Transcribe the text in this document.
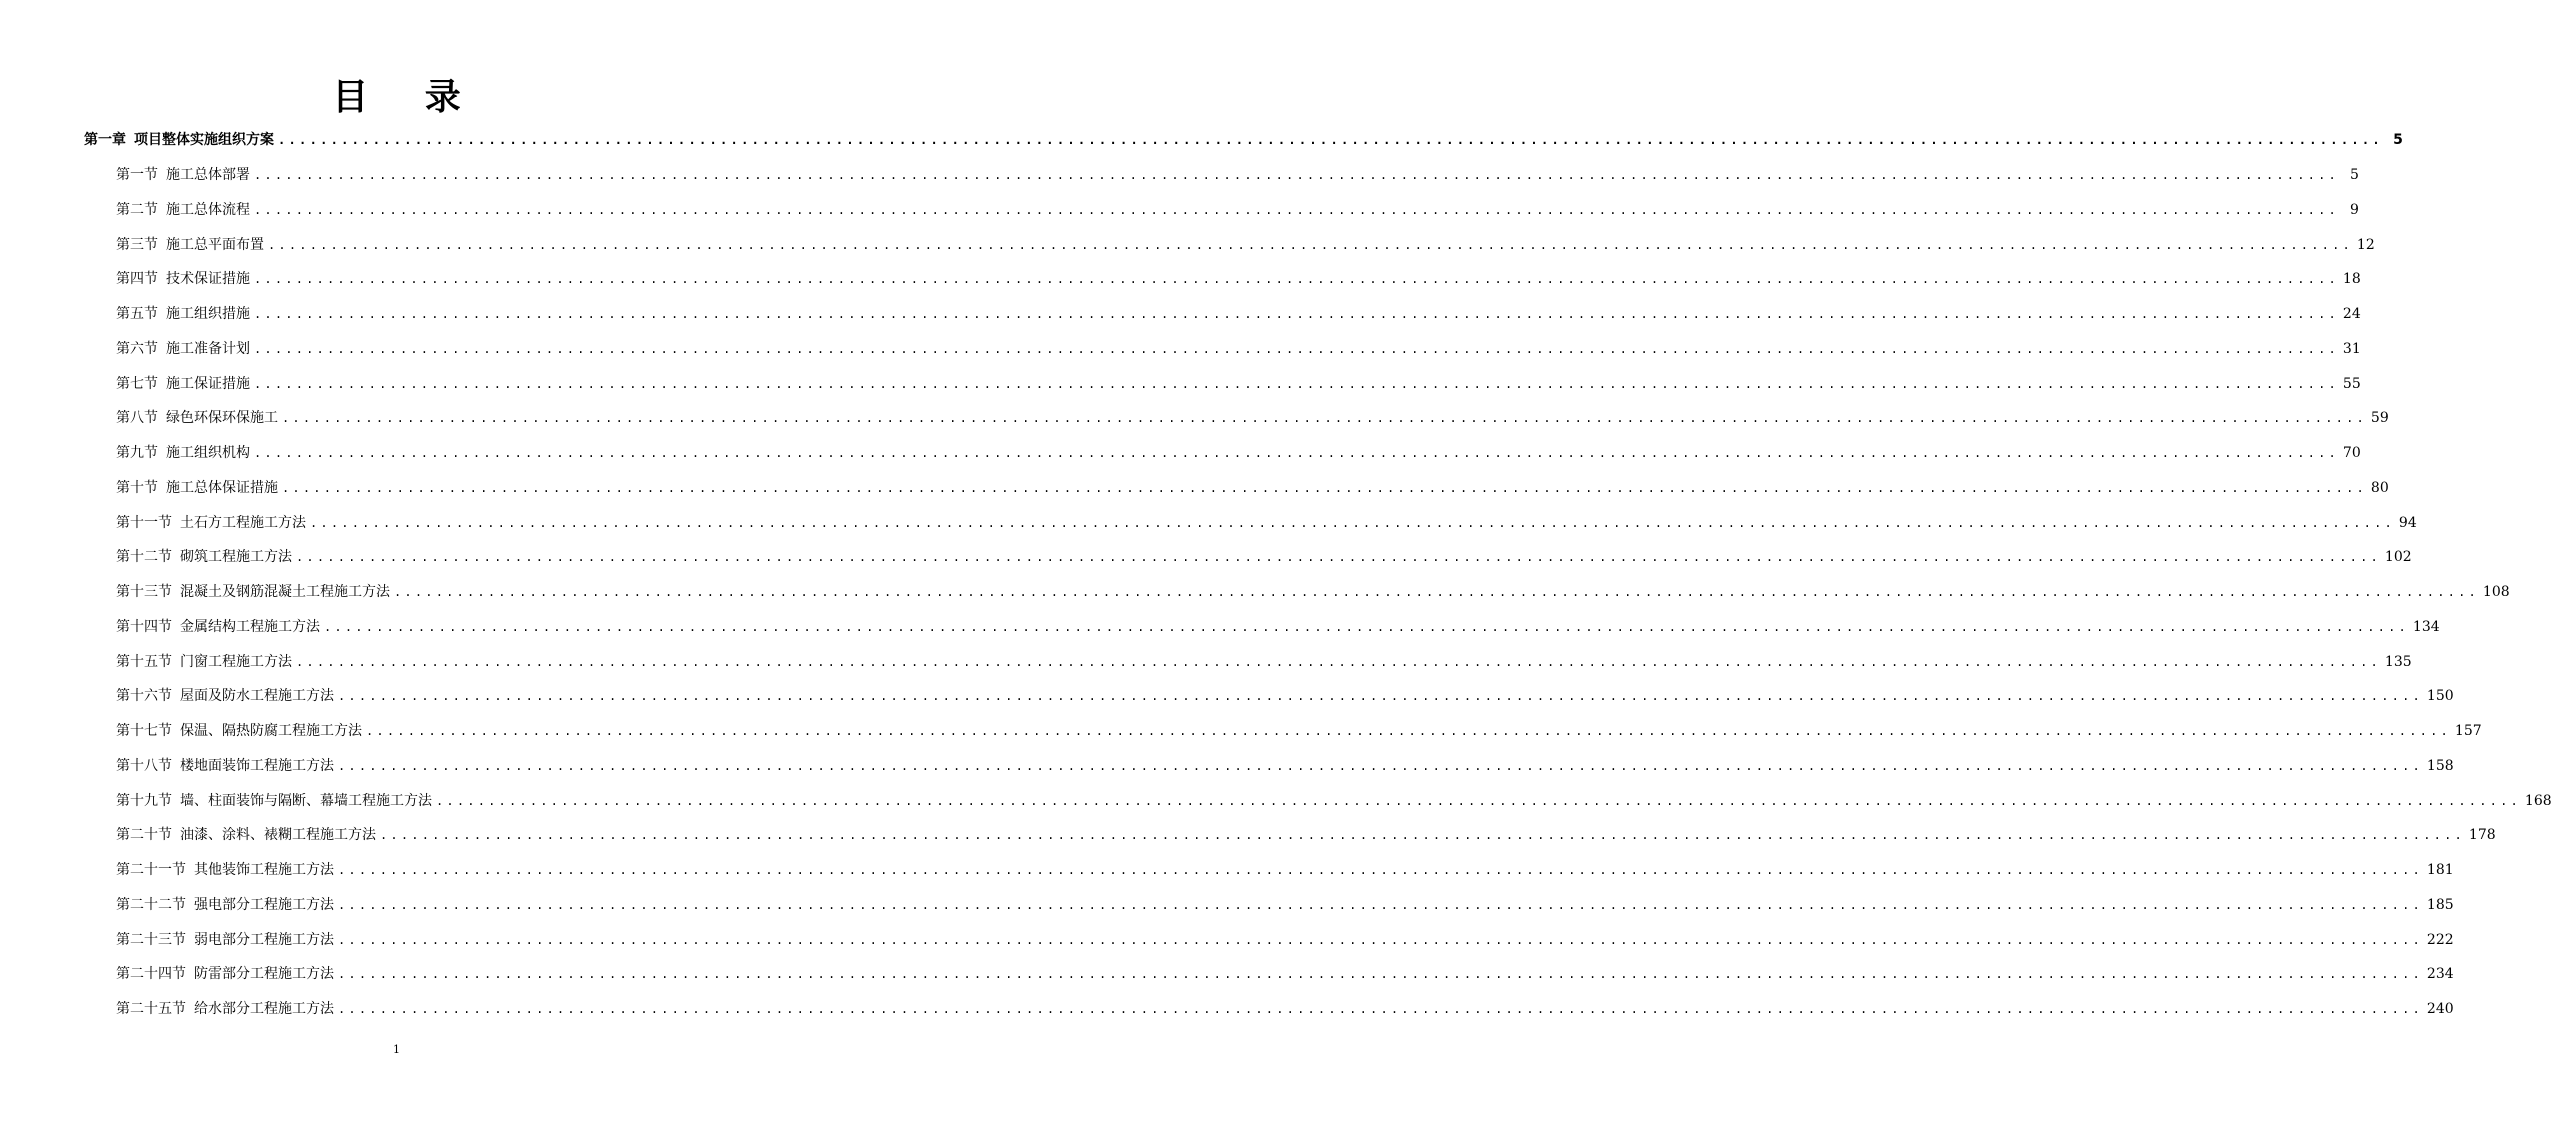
目 录
第一章 项目整体实施组织方案 ........................................................................................................................................................................................................ 5
第一节 施工总体部署 ........................................................................................................................................................................................................ 5
第二节 施工总体流程 ........................................................................................................................................................................................................ 9
第三节 施工总平面布置 ........................................................................................................................................................................................................ 12
第四节 技术保证措施 ........................................................................................................................................................................................................ 18
第五节 施工组织措施 ........................................................................................................................................................................................................ 24
第六节 施工准备计划 ........................................................................................................................................................................................................ 31
第七节 施工保证措施 ........................................................................................................................................................................................................ 55
第八节 绿色环保环保施工 ........................................................................................................................................................................................................ 59
第九节 施工组织机构 ........................................................................................................................................................................................................ 70
第十节 施工总体保证措施 ........................................................................................................................................................................................................ 80
第十一节 土石方工程施工方法 ........................................................................................................................................................................................................ 94
第十二节 砌筑工程施工方法 ........................................................................................................................................................................................................ 102
第十三节 混凝土及钢筋混凝土工程施工方法 ........................................................................................................................................................................................................ 108
第十四节 金属结构工程施工方法 ........................................................................................................................................................................................................ 134
第十五节 门窗工程施工方法 ........................................................................................................................................................................................................ 135
第十六节 屋面及防水工程施工方法 ........................................................................................................................................................................................................ 150
第十七节 保温、隔热防腐工程施工方法 ........................................................................................................................................................................................................ 157
第十八节 楼地面装饰工程施工方法 ........................................................................................................................................................................................................ 158
第十九节 墙、柱面装饰与隔断、幕墙工程施工方法 ........................................................................................................................................................................................................ 168
第二十节 油漆、涂料、裱糊工程施工方法 ........................................................................................................................................................................................................ 178
第二十一节 其他装饰工程施工方法 ........................................................................................................................................................................................................ 181
第二十二节 强电部分工程施工方法 ........................................................................................................................................................................................................ 185
第二十三节 弱电部分工程施工方法 ........................................................................................................................................................................................................ 222
第二十四节 防雷部分工程施工方法 ........................................................................................................................................................................................................ 234
第二十五节 给水部分工程施工方法 ........................................................................................................................................................................................................ 240
1
